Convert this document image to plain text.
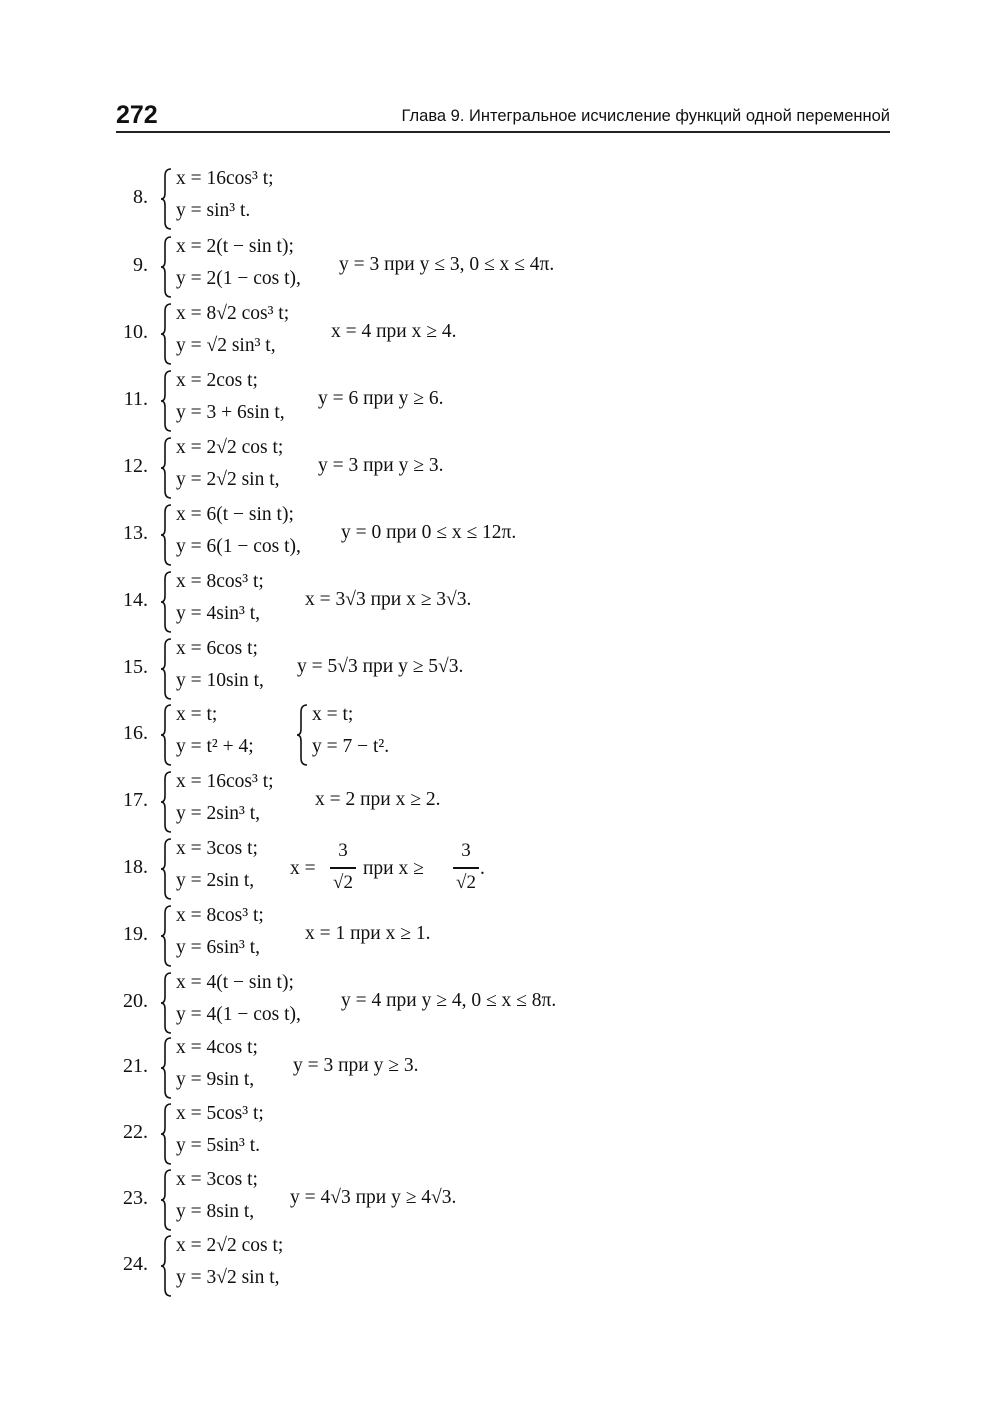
272	Глава 9. Интегральное исчисление функций одной переменной
8.
x = 16cos³ t;
y = sin³ t.
9.
x = 2(t − sin t);
y = 2(1 − cos t),
y = 3 при y ≤ 3, 0 ≤ x ≤ 4π.
10.
x = 8√2 cos³ t;
y = √2 sin³ t,
x = 4 при x ≥ 4.
11.
x = 2cos t;
y = 3 + 6sin t,
y = 6 при y ≥ 6.
12.
x = 2√2 cos t;
y = 2√2 sin t,
y = 3 при y ≥ 3.
13.
x = 6(t − sin t);
y = 6(1 − cos t),
y = 0 при 0 ≤ x ≤ 12π.
14.
x = 8cos³ t;
y = 4sin³ t,
x = 3√3 при x ≥ 3√3.
15.
x = 6cos t;
y = 10sin t,
y = 5√3 при y ≥ 5√3.
16.
x = t;
y = t² + 4;
x = t;
y = 7 − t².
17.
x = 16cos³ t;
y = 2sin³ t,
x = 2 при x ≥ 2.
18.
x = 3cos t;
y = 2sin t,
x =
3
√2
при x ≥
3
√2
.
19.
x = 8cos³ t;
y = 6sin³ t,
x = 1 при x ≥ 1.
20.
x = 4(t − sin t);
y = 4(1 − cos t),
y = 4 при y ≥ 4, 0 ≤ x ≤ 8π.
21.
x = 4cos t;
y = 9sin t,
y = 3 при y ≥ 3.
22.
x = 5cos³ t;
y = 5sin³ t.
23.
x = 3cos t;
y = 8sin t,
y = 4√3 при y ≥ 4√3.
24.
x = 2√2 cos t;
y = 3√2 sin t,
